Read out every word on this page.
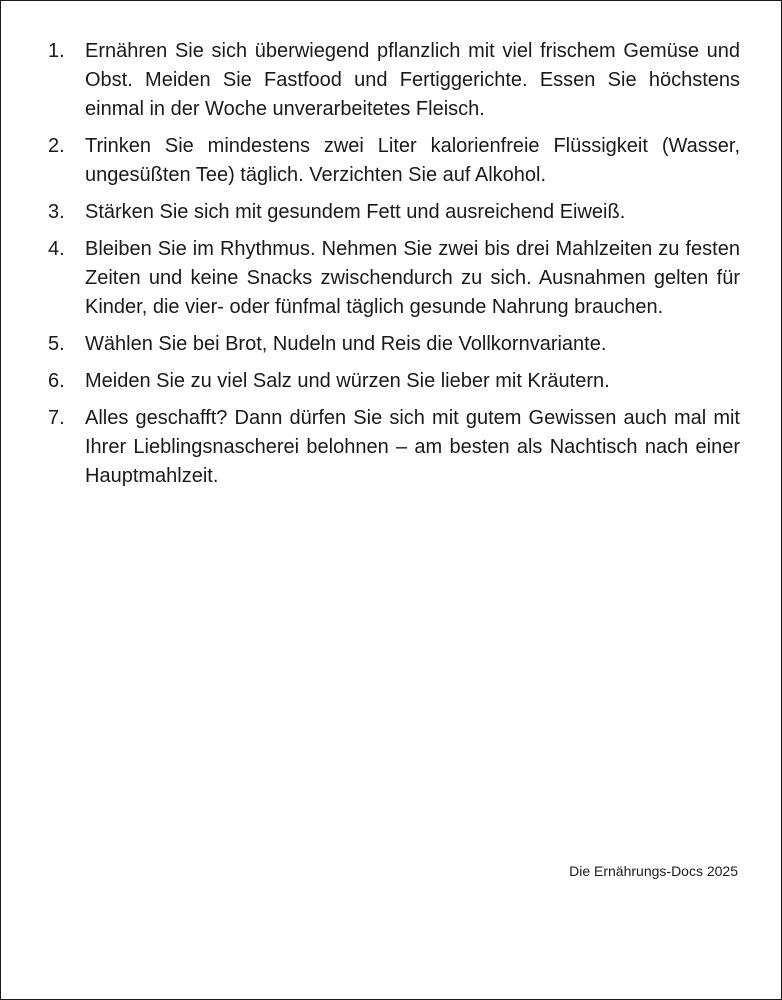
1. Ernähren Sie sich überwiegend pflanzlich mit viel frischem Gemüse und Obst. Meiden Sie Fastfood und Fertiggerichte. Essen Sie höchstens einmal in der Woche unverarbeitetes Fleisch.
2. Trinken Sie mindestens zwei Liter kalorienfreie Flüssigkeit (Wasser, ungesüßten Tee) täglich. Verzichten Sie auf Alkohol.
3. Stärken Sie sich mit gesundem Fett und ausreichend Eiweiß.
4. Bleiben Sie im Rhythmus. Nehmen Sie zwei bis drei Mahlzeiten zu festen Zeiten und keine Snacks zwischendurch zu sich. Ausnahmen gelten für Kinder, die vier- oder fünfmal täglich gesunde Nahrung brauchen.
5. Wählen Sie bei Brot, Nudeln und Reis die Vollkornvariante.
6. Meiden Sie zu viel Salz und würzen Sie lieber mit Kräutern.
7. Alles geschafft? Dann dürfen Sie sich mit gutem Gewissen auch mal mit Ihrer Lieblingsnascherei belohnen – am besten als Nachtisch nach einer Hauptmahlzeit.
Die Ernährungs-Docs 2025
